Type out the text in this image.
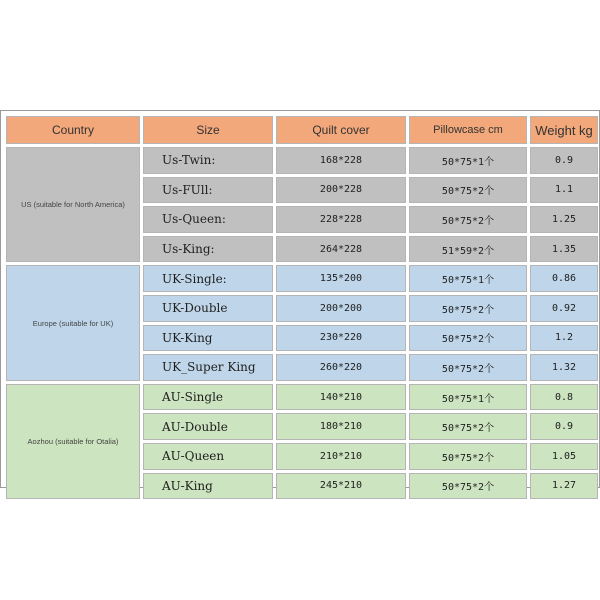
Country	Size	Quilt cover	Pillowcase cm	Weight kg
US (suitable for North America)	Us-Twin:	168*228	50*75*1个	0.9
	Us-FUll:	200*228	50*75*2个	1.1
	Us-Queen:	228*228	50*75*2个	1.25
	Us-King:	264*228	51*59*2个	1.35
Europe (suitable for UK)	UK-Single:	135*200	50*75*1个	0.86
	UK-Double	200*200	50*75*2个	0.92
	UK-King	230*220	50*75*2个	1.2
	UK_Super King	260*220	50*75*2个	1.32
Aozhou (suitable for Otalia)	AU-Single	140*210	50*75*1个	0.8
	AU-Double	180*210	50*75*2个	0.9
	AU-Queen	210*210	50*75*2个	1.05
	AU-King	245*210	50*75*2个	1.27
